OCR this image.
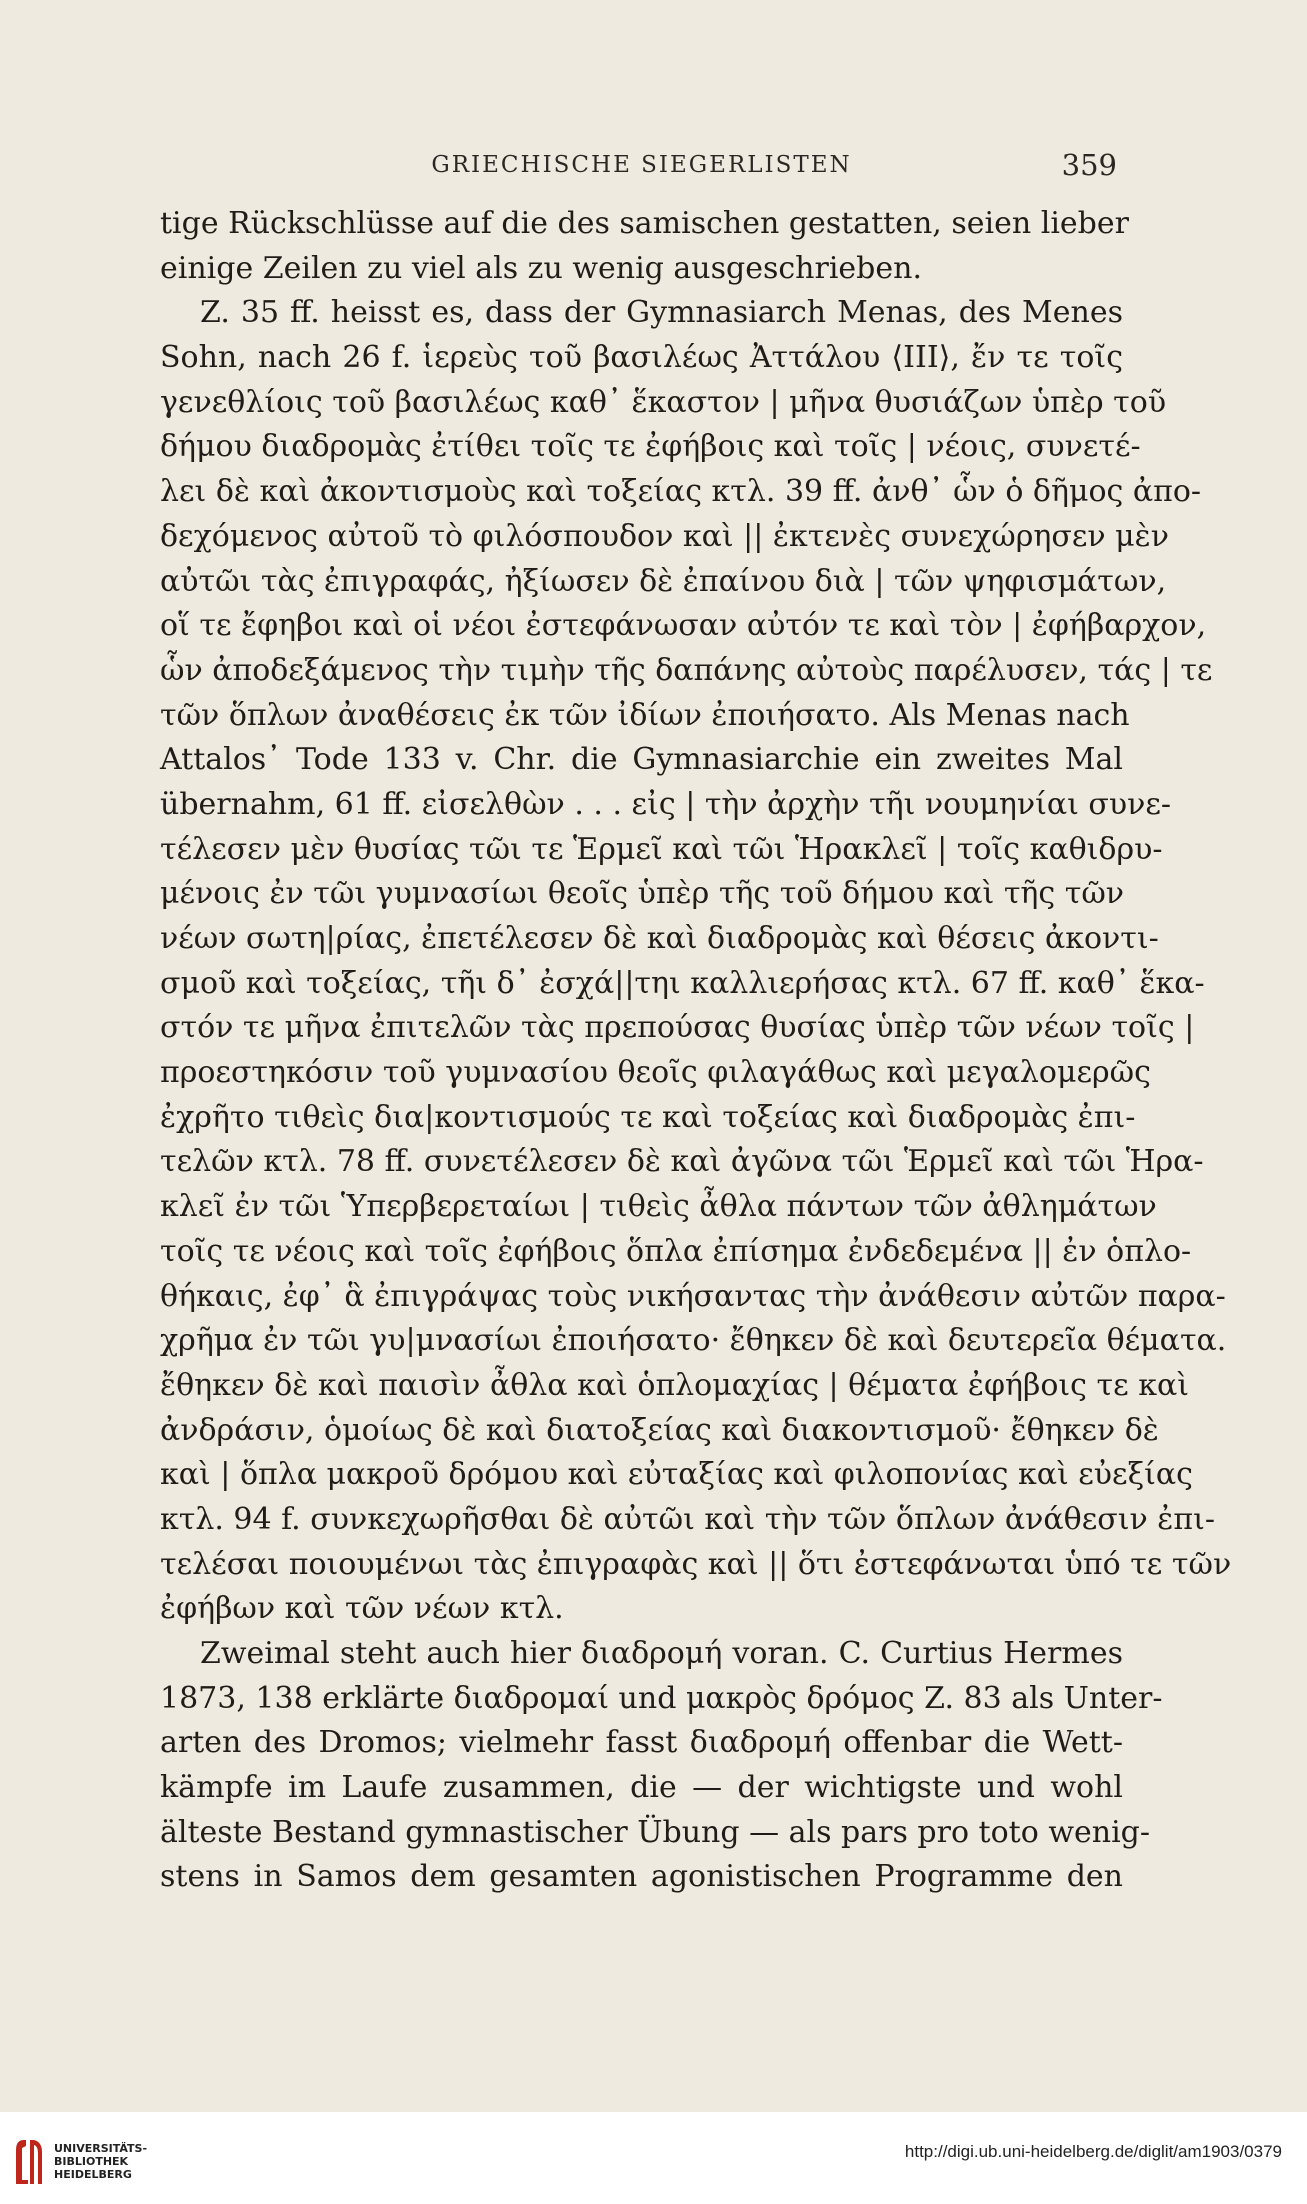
GRIECHISCHE SIEGERLISTEN	359
tige Rückschlüsse auf die des samischen gestatten, seien lieber
einige Zeilen zu viel als zu wenig ausgeschrieben.
Z. 35 ff. heisst es, dass der Gymnasiarch Menas, des Menes
Sohn, nach 26 f. ἱερεὺς τοῦ βασιλέως Ἀττάλου ⟨III⟩, ἔν τε τοῖς
γενεθλίοις τοῦ βασιλέως καθ᾽ ἕκαστον | μῆνα θυσιάζων ὑπὲρ τοῦ
δήμου διαδρομὰς ἐτίθει τοῖς τε ἐφήβοις καὶ τοῖς | νέοις, συνετέ-
λει δὲ καὶ ἀκοντισμοὺς καὶ τοξείας κτλ. 39 ff. ἀνθ᾽ ὧν ὁ δῆμος ἀπο-
δεχόμενος αὐτοῦ τὸ φιλόσπουδον καὶ || ἐκτενὲς συνεχώρησεν μὲν
αὐτῶι τὰς ἐπιγραφάς, ἠξίωσεν δὲ ἐπαίνου διὰ | τῶν ψηφισμάτων,
οἵ τε ἔφηβοι καὶ οἱ νέοι ἐστεφάνωσαν αὐτόν τε καὶ τὸν | ἐφήβαρχον,
ὧν ἀποδεξάμενος τὴν τιμὴν τῆς δαπάνης αὐτοὺς παρέλυσεν, τάς | τε
τῶν ὅπλων ἀναθέσεις ἐκ τῶν ἰδίων ἐποιήσατο. Als Menas nach
Attalos᾽ Tode 133 v. Chr. die Gymnasiarchie ein zweites Mal
übernahm, 61 ff. εἰσελθὼν . . . εἰς | τὴν ἀρχὴν τῆι νουμηνίαι συνε-
τέλεσεν μὲν θυσίας τῶι τε Ἑρμεῖ καὶ τῶι Ἡρακλεῖ | τοῖς καθιδρυ-
μένοις ἐν τῶι γυμνασίωι θεοῖς ὑπὲρ τῆς τοῦ δήμου καὶ τῆς τῶν
νέων σωτη|ρίας, ἐπετέλεσεν δὲ καὶ διαδρομὰς καὶ θέσεις ἀκοντι-
σμοῦ καὶ τοξείας, τῆι δ᾽ ἐσχά||τηι καλλιερήσας κτλ. 67 ff. καθ᾽ ἕκα-
στόν τε μῆνα ἐπιτελῶν τὰς πρεπούσας θυσίας ὑπὲρ τῶν νέων τοῖς |
προεστηκόσιν τοῦ γυμνασίου θεοῖς φιλαγάθως καὶ μεγαλομερῶς
ἐχρῆτο τιθεὶς δια|κοντισμούς τε καὶ τοξείας καὶ διαδρομὰς ἐπι-
τελῶν κτλ. 78 ff. συνετέλεσεν δὲ καὶ ἀγῶνα τῶι Ἑρμεῖ καὶ τῶι Ἡρα-
κλεῖ ἐν τῶι Ὑπερβερεταίωι | τιθεὶς ἆθλα πάντων τῶν ἀθλημάτων
τοῖς τε νέοις καὶ τοῖς ἐφήβοις ὅπλα ἐπίσημα ἐνδεδεμένα || ἐν ὁπλο-
θήκαις, ἐφ᾽ ἃ ἐπιγράψας τοὺς νικήσαντας τὴν ἀνάθεσιν αὐτῶν παρα-
χρῆμα ἐν τῶι γυ|μνασίωι ἐποιήσατο· ἔθηκεν δὲ καὶ δευτερεῖα θέματα.
ἔθηκεν δὲ καὶ παισὶν ἆθλα καὶ ὁπλομαχίας | θέματα ἐφήβοις τε καὶ
ἀνδράσιν, ὁμοίως δὲ καὶ διατοξείας καὶ διακοντισμοῦ· ἔθηκεν δὲ
καὶ | ὅπλα μακροῦ δρόμου καὶ εὐταξίας καὶ φιλοπονίας καὶ εὐεξίας
κτλ. 94 f. συνκεχωρῆσθαι δὲ αὐτῶι καὶ τὴν τῶν ὅπλων ἀνάθεσιν ἐπι-
τελέσαι ποιουμένωι τὰς ἐπιγραφὰς καὶ || ὅτι ἐστεφάνωται ὑπό τε τῶν
ἐφήβων καὶ τῶν νέων κτλ.
Zweimal steht auch hier διαδρομή voran. C. Curtius Hermes
1873, 138 erklärte διαδρομαί und μακρὸς δρόμος Z. 83 als Unter-
arten des Dromos; vielmehr fasst διαδρομή offenbar die Wett-
kämpfe im Laufe zusammen, die — der wichtigste und wohl
älteste Bestand gymnastischer Übung — als pars pro toto wenig-
stens in Samos dem gesamten agonistischen Programme den
UNIVERSITÄTS-
BIBLIOTHEK
HEIDELBERG
http://digi.ub.uni-heidelberg.de/diglit/am1903/0379
